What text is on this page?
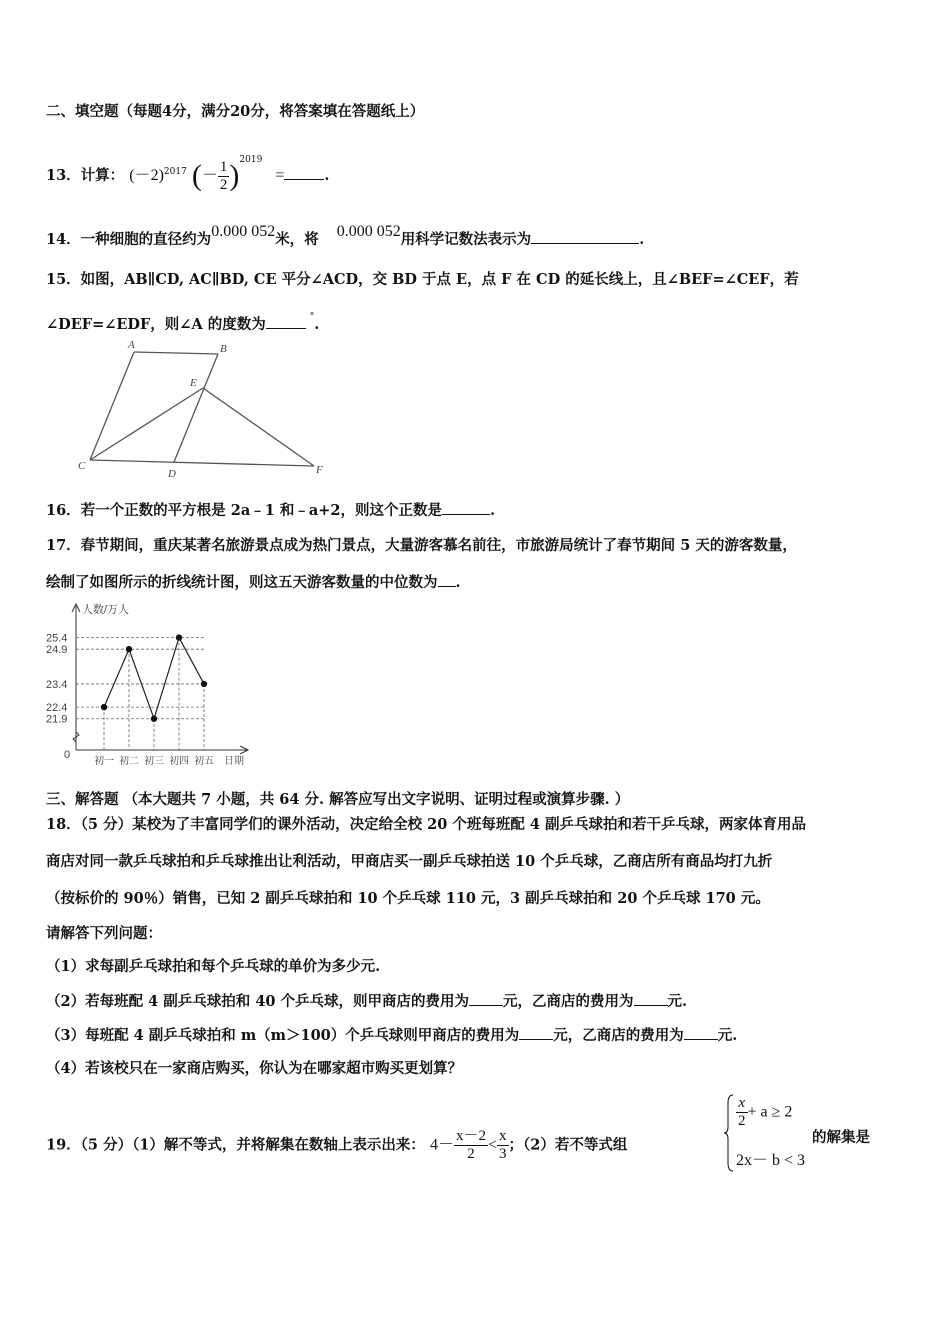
二、填空题（每题4分，满分20分，将答案填在答题纸上）
13．计算： $(-2)^{2017}$ (－ $\frac{1}{2} )^{2019}$ =	.
14．一种细胞的直径约为0.000 052米，将 0.000 052用科学记数法表示为	.
15．如图，AB∥CD, AC∥BD, CE 平分∠ACD，交 BD 于点 E，点 F 在 CD 的延长线上，且∠BEF=∠CEF，若
∠DEF=∠EDF，则∠A 的度数为	°.
A	B
E
C
D	F
16．若一个正数的平方根是 2a﹣1 和﹣a+2，则这个正数是	.
17．春节期间，重庆某著名旅游景点成为热门景点，大量游客慕名前往，市旅游局统计了春节期间 5 天的游客数量，
绘制了如图所示的折线统计图，则这五天游客数量的中位数为 .
人数/万人
0
25.4
24.9
23.4
22.4
21.9
初一 初二 初三 初四 初五 日期
三、解答题 （本大题共 7 小题，共 64 分. 解答应写出文字说明、证明过程或演算步骤. ）
18．（5 分）某校为了丰富同学们的课外活动，决定给全校 20 个班每班配 4 副乒乓球拍和若干乒乓球，两家体育用品
商店对同一款乒乓球拍和乒乓球推出让利活动，甲商店买一副乒乓球拍送 10 个乒乓球，乙商店所有商品均打九折
（按标价的 90％）销售，已知 2 副乒乓球拍和 10 个乒乓球 110 元，3 副乒乓球拍和 20 个乒乓球 170 元。
请解答下列问题：
（1）求每副乒乓球拍和每个乒乓球的单价为多少元.
（2）若每班配 4 副乒乓球拍和 40 个乒乓球，则甲商店的费用为 元，乙商店的费用为 元.
（3）每班配 4 副乒乓球拍和 m（m＞100）个乒乓球则甲商店的费用为 元，乙商店的费用为 元.
（4）若该校只在一家商店购买，你认为在哪家超市购买更划算？
19．（5 分）（1）解不等式，并将解集在数轴上表示出来： $4- \frac{x-2}{2} < \frac{x}{3}$ ；（2）若不等式组
$\frac{x}{2} + a \ge 2$
2x－ b < 3
的解集是
